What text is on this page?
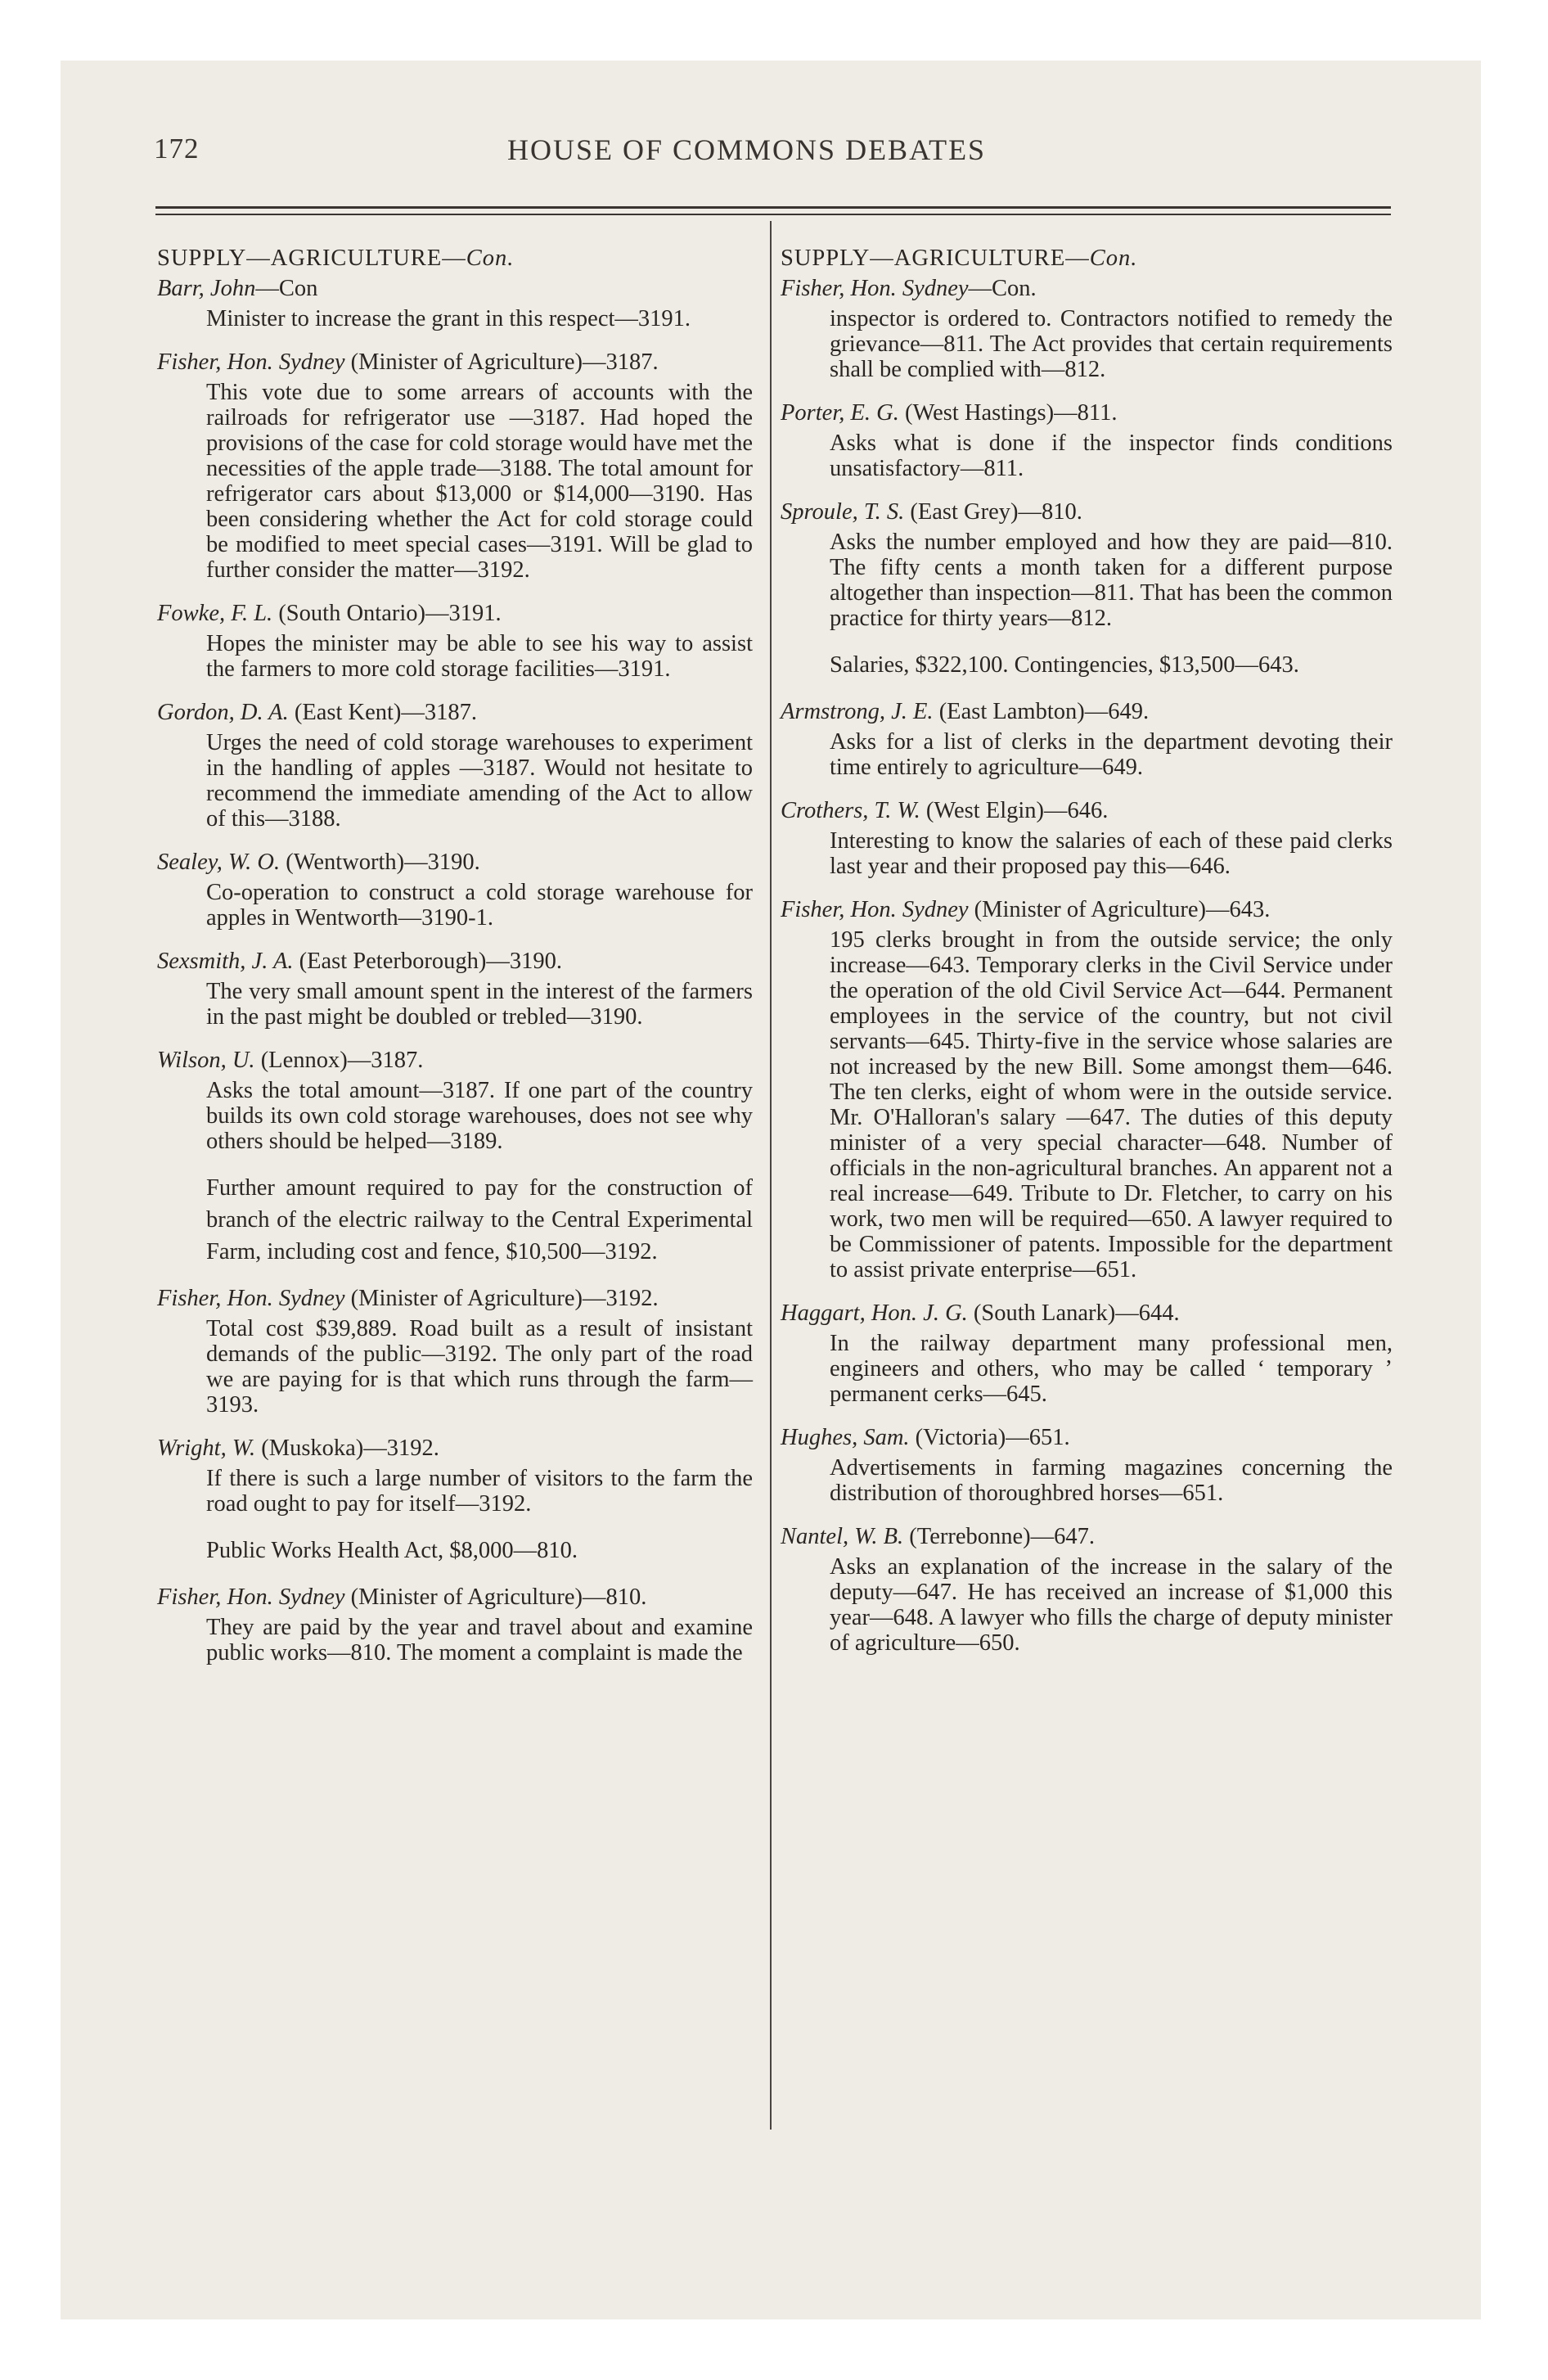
172	HOUSE OF COMMONS DEBATES
SUPPLY—AGRICULTURE—Con.
Barr, John—Con
Minister to increase the grant in this respect—3191.
Fisher, Hon. Sydney (Minister of Agriculture)—3187.
This vote due to some arrears of accounts with the railroads for refrigerator use —3187. Had hoped the provisions of the case for cold storage would have met the necessities of the apple trade—3188. The total amount for refrigerator cars about $13,000 or $14,000—3190. Has been considering whether the Act for cold storage could be modified to meet special cases—3191. Will be glad to further consider the matter—3192.
Fowke, F. L. (South Ontario)—3191.
Hopes the minister may be able to see his way to assist the farmers to more cold storage facilities—3191.
Gordon, D. A. (East Kent)—3187.
Urges the need of cold storage warehouses to experiment in the handling of apples —3187. Would not hesitate to recommend the immediate amending of the Act to allow of this—3188.
Sealey, W. O. (Wentworth)—3190.
Co-operation to construct a cold storage warehouse for apples in Wentworth—3190-1.
Sexsmith, J. A. (East Peterborough)—3190.
The very small amount spent in the interest of the farmers in the past might be doubled or trebled—3190.
Wilson, U. (Lennox)—3187.
Asks the total amount—3187. If one part of the country builds its own cold storage warehouses, does not see why others should be helped—3189.
Further amount required to pay for the construction of branch of the electric railway to the Central Experimental Farm, including cost and fence, $10,500—3192.
Fisher, Hon. Sydney (Minister of Agriculture)—3192.
Total cost $39,889. Road built as a result of insistant demands of the public—3192. The only part of the road we are paying for is that which runs through the farm—3193.
Wright, W. (Muskoka)—3192.
If there is such a large number of visitors to the farm the road ought to pay for itself—3192.
Public Works Health Act, $8,000—810.
Fisher, Hon. Sydney (Minister of Agriculture)—810.
They are paid by the year and travel about and examine public works—810. The moment a complaint is made the
SUPPLY—AGRICULTURE—Con.
Fisher, Hon. Sydney—Con.
inspector is ordered to. Contractors notified to remedy the grievance—811. The Act provides that certain requirements shall be complied with—812.
Porter, E. G. (West Hastings)—811.
Asks what is done if the inspector finds conditions unsatisfactory—811.
Sproule, T. S. (East Grey)—810.
Asks the number employed and how they are paid—810. The fifty cents a month taken for a different purpose altogether than inspection—811. That has been the common practice for thirty years—812.
Salaries, $322,100. Contingencies, $13,500—643.
Armstrong, J. E. (East Lambton)—649.
Asks for a list of clerks in the department devoting their time entirely to agriculture—649.
Crothers, T. W. (West Elgin)—646.
Interesting to know the salaries of each of these paid clerks last year and their proposed pay this—646.
Fisher, Hon. Sydney (Minister of Agriculture)—643.
195 clerks brought in from the outside service; the only increase—643. Temporary clerks in the Civil Service under the operation of the old Civil Service Act—644. Permanent employees in the service of the country, but not civil servants—645. Thirty-five in the service whose salaries are not increased by the new Bill. Some amongst them—646. The ten clerks, eight of whom were in the outside service. Mr. O'Halloran's salary —647. The duties of this deputy minister of a very special character—648. Number of officials in the non-agricultural branches. An apparent not a real increase—649. Tribute to Dr. Fletcher, to carry on his work, two men will be required—650. A lawyer required to be Commissioner of patents. Impossible for the department to assist private enterprise—651.
Haggart, Hon. J. G. (South Lanark)—644.
In the railway department many professional men, engineers and others, who may be called ‘ temporary ’ permanent cerks—645.
Hughes, Sam. (Victoria)—651.
Advertisements in farming magazines concerning the distribution of thoroughbred horses—651.
Nantel, W. B. (Terrebonne)—647.
Asks an explanation of the increase in the salary of the deputy—647. He has received an increase of $1,000 this year—648. A lawyer who fills the charge of deputy minister of agriculture—650.
